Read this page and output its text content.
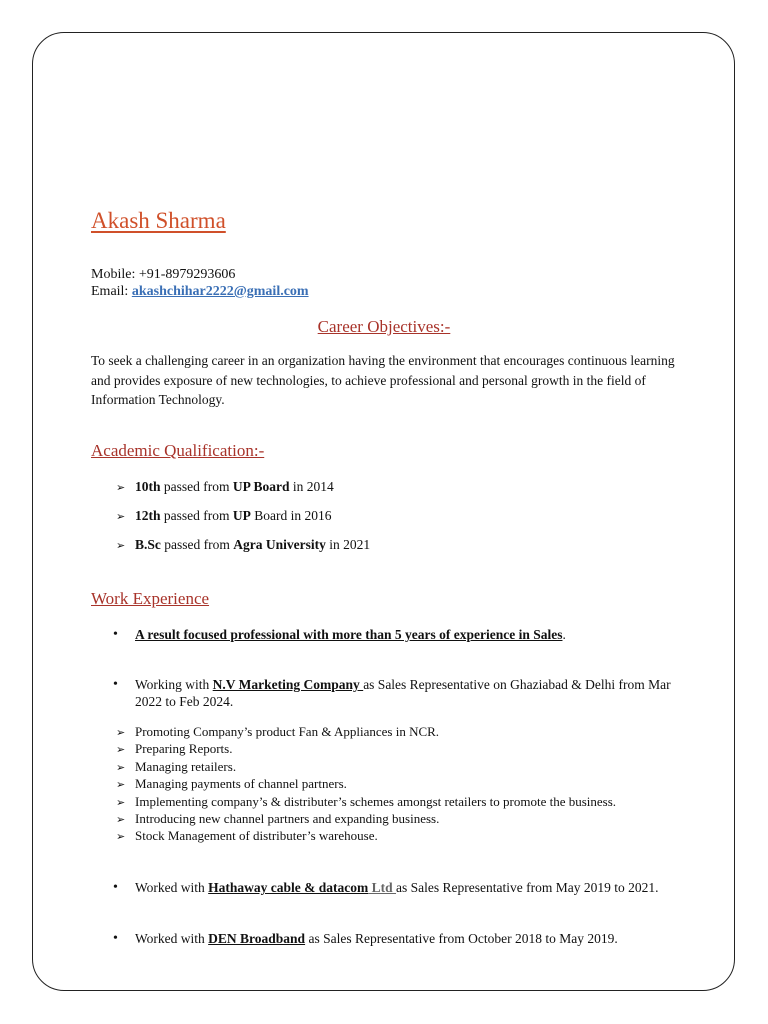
Akash Sharma
Mobile: +91-8979293606
Email: akashchihar2222@gmail.com
Career Objectives:-
To seek a challenging career in an organization having the environment that encourages continuous learning and provides exposure of new technologies, to achieve professional and personal growth in the field of Information Technology.
Academic Qualification:-
➢ 10th passed from UP Board in 2014
➢ 12th passed from UP Board in 2016
➢ B.Sc passed from Agra University in 2021
Work Experience
• A result focused professional with more than 5 years of experience in Sales.
• Working with N.V Marketing Company as Sales Representative on Ghaziabad & Delhi from Mar 2022 to Feb 2024.
➢ Promoting Company’s product Fan & Appliances in NCR.
➢ Preparing Reports.
➢ Managing retailers.
➢ Managing payments of channel partners.
➢ Implementing company’s & distributer’s schemes amongst retailers to promote the business.
➢ Introducing new channel partners and expanding business.
➢ Stock Management of distributer’s warehouse.
• Worked with Hathaway cable & datacom Ltd as Sales Representative from May 2019 to 2021.
• Worked with DEN Broadband as Sales Representative from October 2018 to May 2019.
